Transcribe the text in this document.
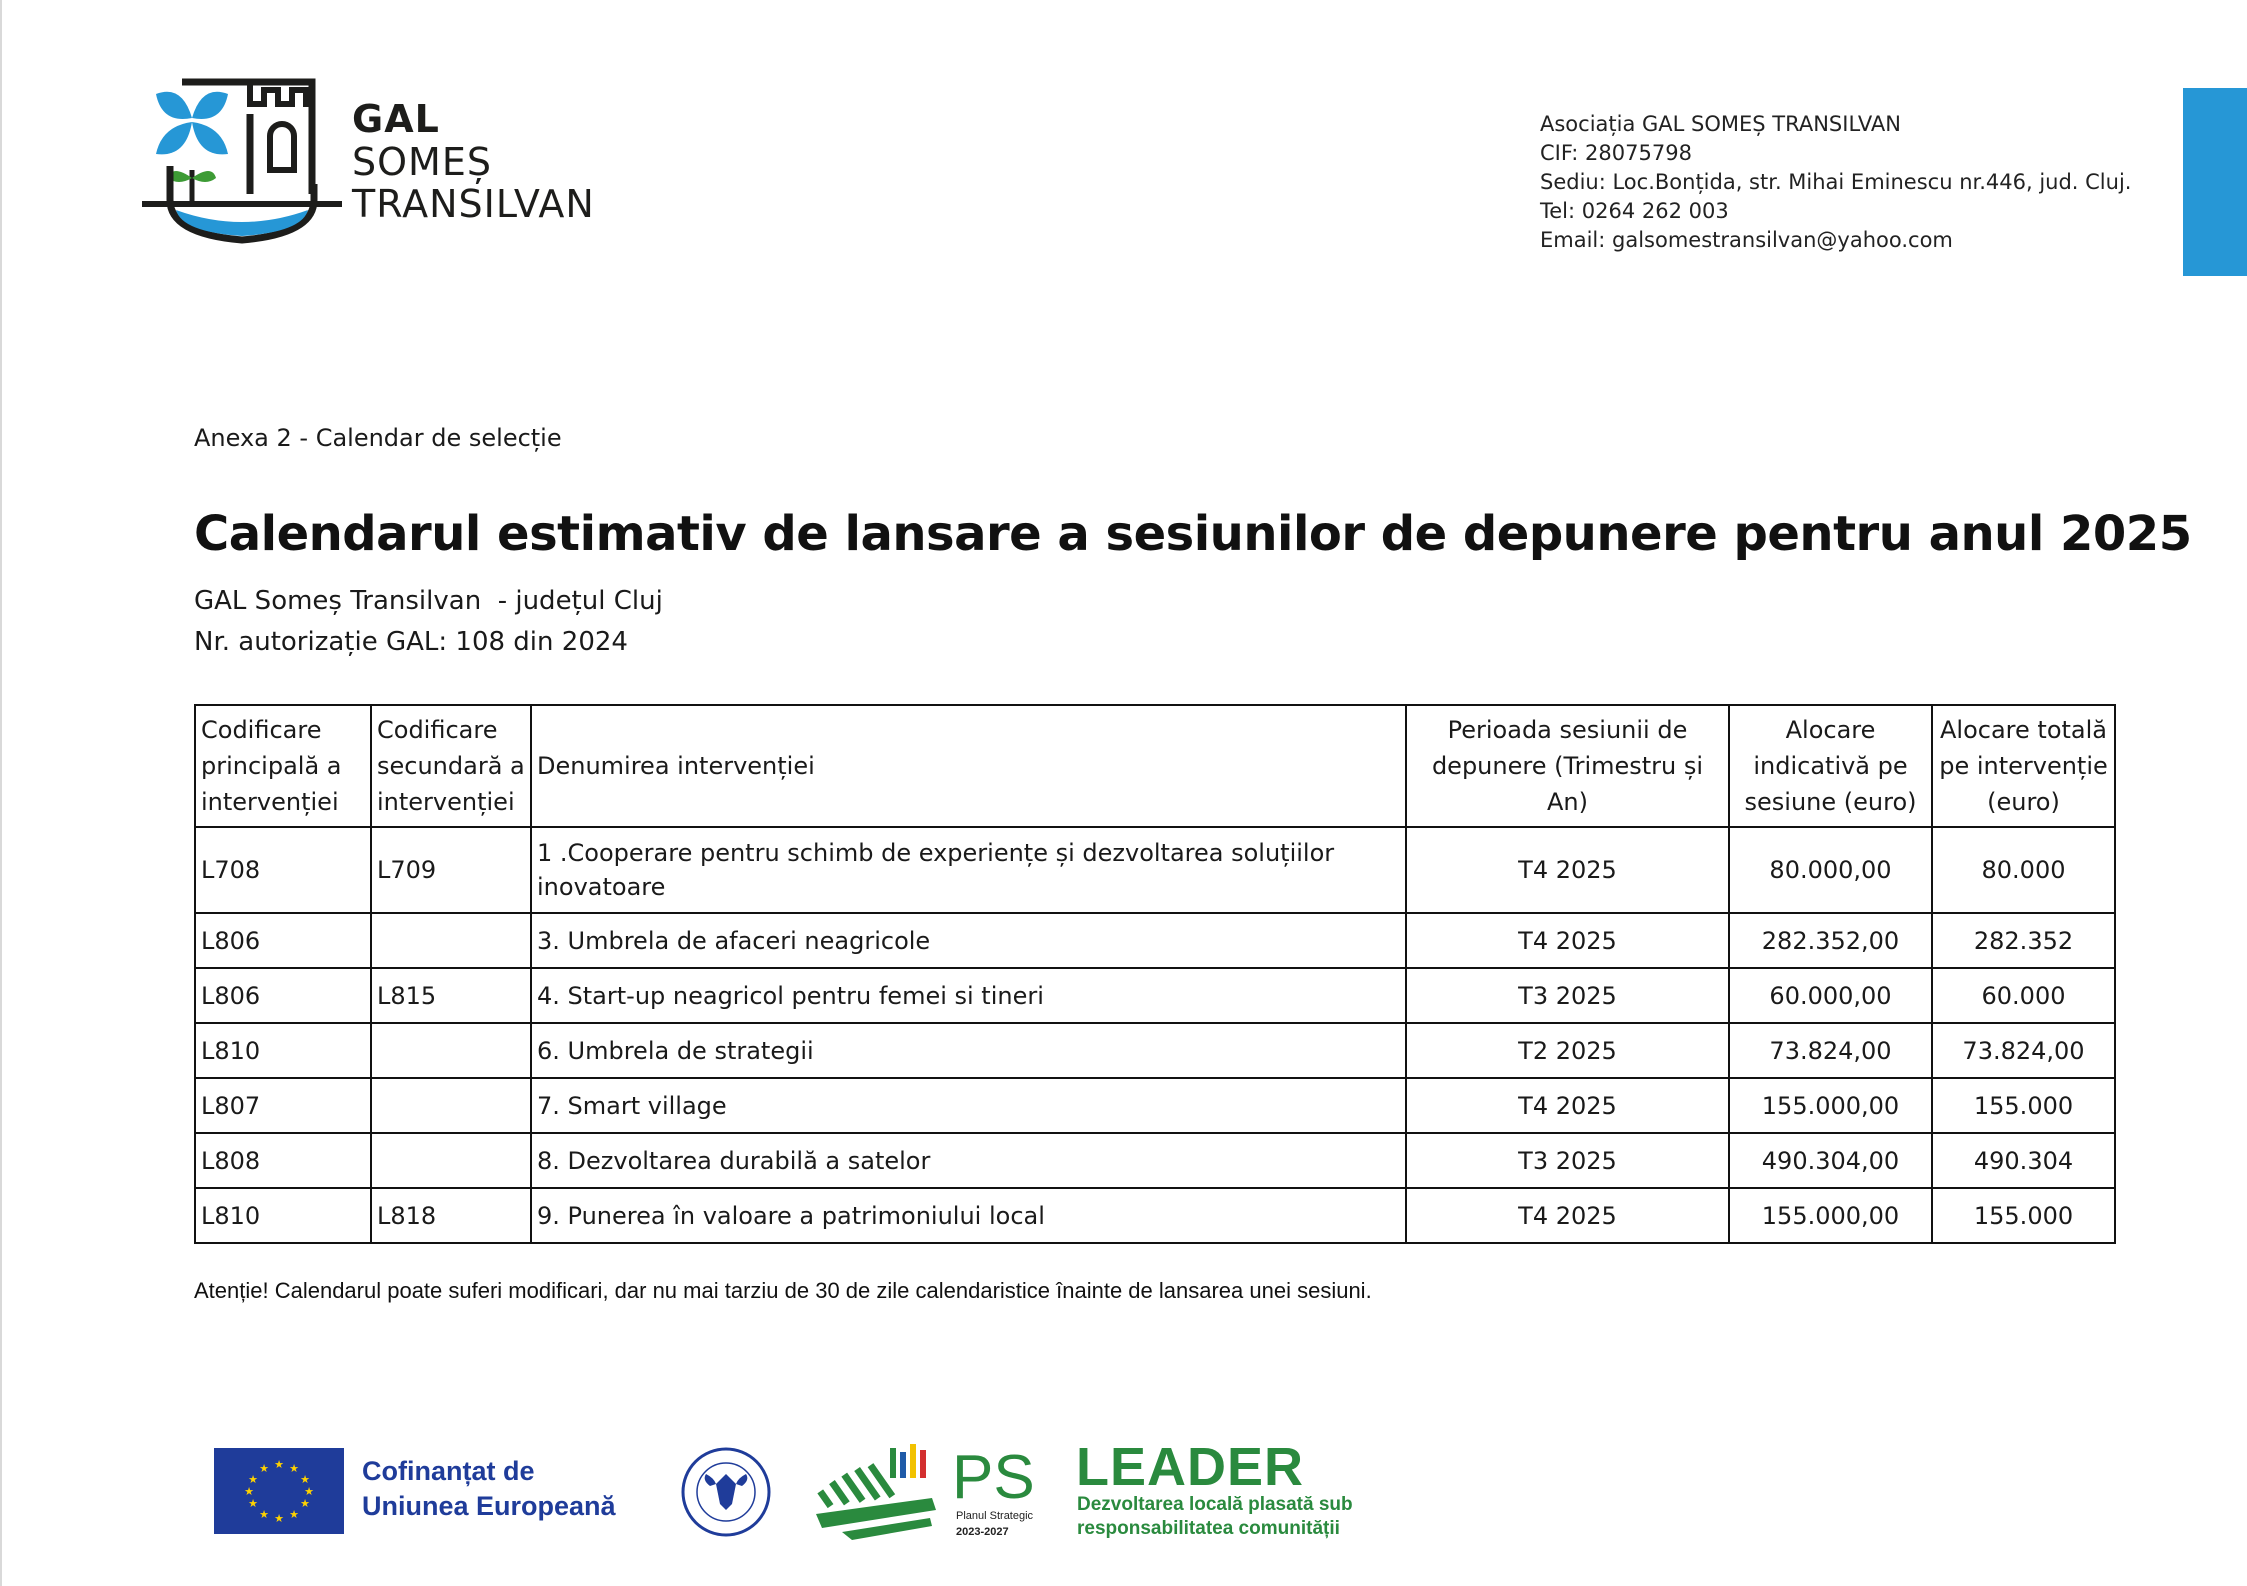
GAL
SOMEȘ
TRANSILVAN
Asociația GAL SOMEȘ TRANSILVAN
CIF: 28075798
Sediu: Loc.Bonțida, str. Mihai Eminescu nr.446, jud. Cluj.
Tel: 0264 262 003
Email: galsomestransilvan@yahoo.com
Anexa 2 - Calendar de selecție
Calendarul estimativ de lansare a sesiunilor de depunere pentru anul 2025
GAL Someș Transilvan  - județul Cluj
Nr. autorizație GAL: 108 din 2024
Codificare principală a intervenției	Codificare secundară a intervenției	Denumirea intervenției	Perioada sesiunii de depunere (Trimestru și An)	Alocare indicativă pe sesiune (euro)	Alocare totală pe intervenție (euro)
L708	L709	1 .Cooperare pentru schimb de experiențe și dezvoltarea soluțiilor inovatoare	T4 2025	80.000,00	80.000
L806		3. Umbrela de afaceri neagricole	T4 2025	282.352,00	282.352
L806	L815	4. Start-up neagricol pentru femei si tineri	T3 2025	60.000,00	60.000
L810		6. Umbrela de strategii	T2 2025	73.824,00	73.824,00
L807		7. Smart village	T4 2025	155.000,00	155.000
L808		8. Dezvoltarea durabilă a satelor	T3 2025	490.304,00	490.304
L810	L818	9. Punerea în valoare a patrimoniului local	T4 2025	155.000,00	155.000
Atenție! Calendarul poate suferi modificari, dar nu mai tarziu de 30 de zile calendaristice înainte de lansarea unei sesiuni.
★ ★
★
★
★
★
★
★
★
★
★
★	Cofinanțat de
Uniunea Europeană	PS
Planul Strategic
2023-2027
LEADER
Dezvoltarea locală plasată sub
responsabilitatea comunității
